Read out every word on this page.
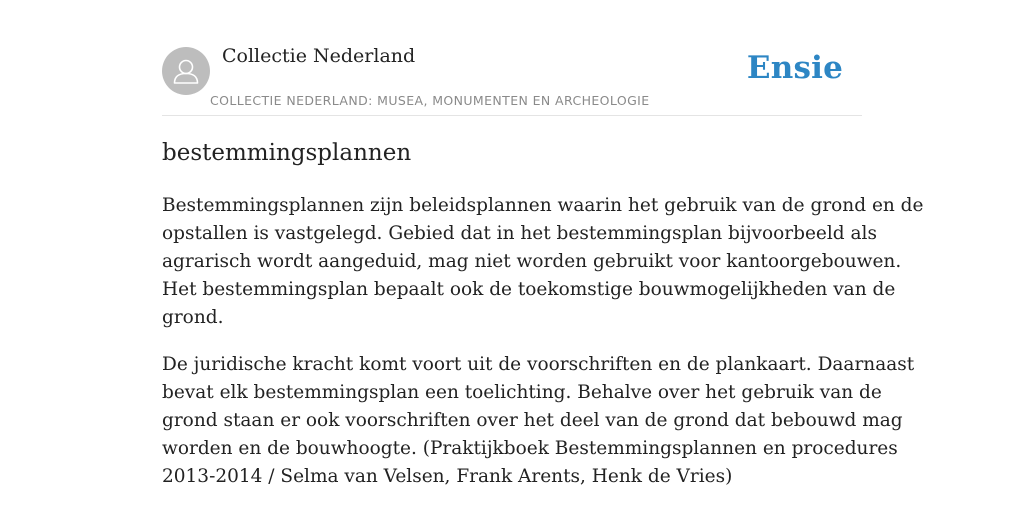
Collectie Nederland
COLLECTIE NEDERLAND: MUSEA, MONUMENTEN EN ARCHEOLOGIE
Ensie
bestemmingsplannen

Bestemmingsplannen zijn beleidsplannen waarin het gebruik van de grond en de
opstallen is vastgelegd. Gebied dat in het bestemmingsplan bijvoorbeeld als
agrarisch wordt aangeduid, mag niet worden gebruikt voor kantoorgebouwen.
Het bestemmingsplan bepaalt ook de toekomstige bouwmogelijkheden van de
grond.

De juridische kracht komt voort uit de voorschriften en de plankaart. Daarnaast
bevat elk bestemmingsplan een toelichting. Behalve over het gebruik van de
grond staan er ook voorschriften over het deel van de grond dat bebouwd mag
worden en de bouwhoogte. (Praktijkboek Bestemmingsplannen en procedures
2013-2014 / Selma van Velsen, Frank Arents, Henk de Vries)
